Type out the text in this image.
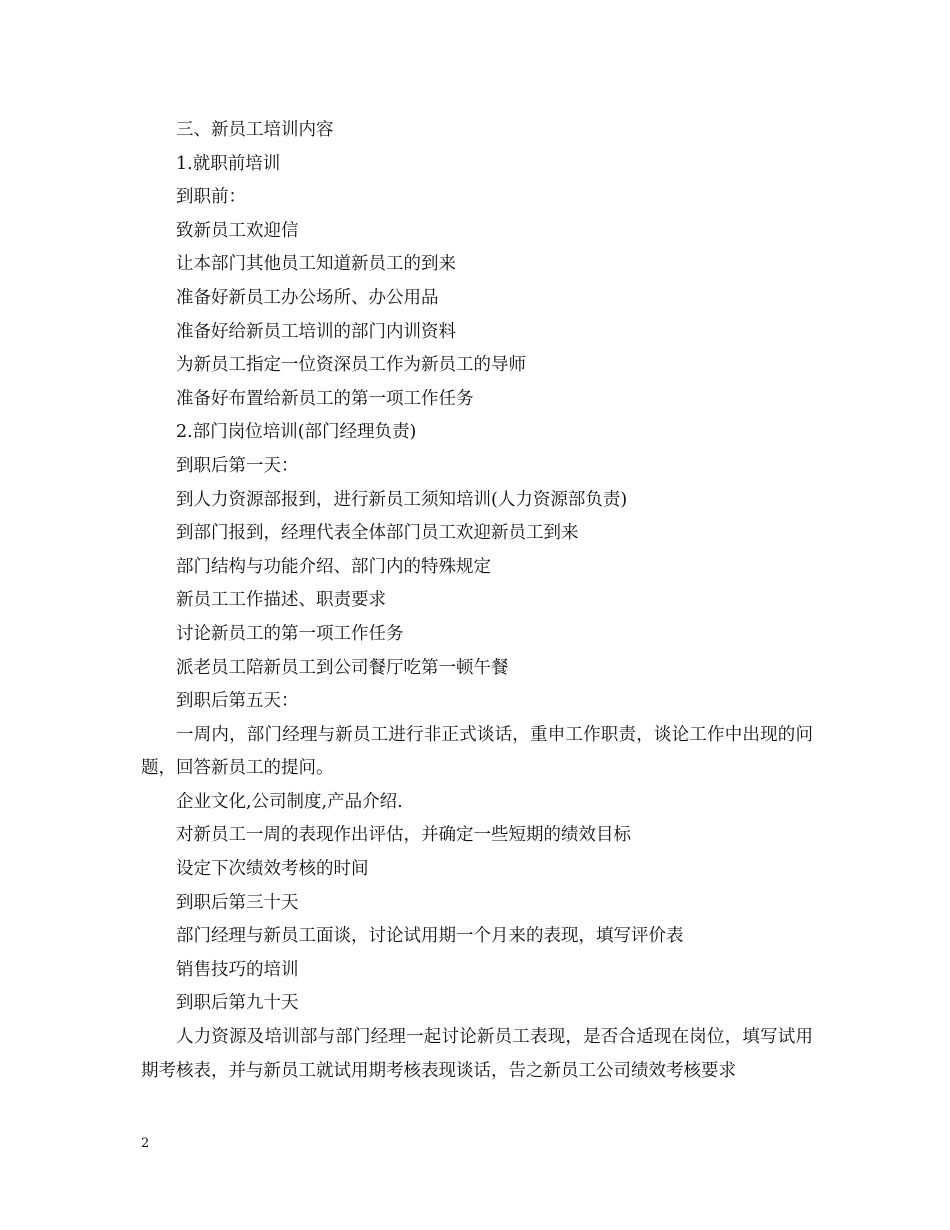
三、新员工培训内容

1.就职前培训

到职前：

致新员工欢迎信

让本部门其他员工知道新员工的到来

准备好新员工办公场所、办公用品

准备好给新员工培训的部门内训资料

为新员工指定一位资深员工作为新员工的导师

准备好布置给新员工的第一项工作任务

2.部门岗位培训(部门经理负责)

到职后第一天：

到人力资源部报到，进行新员工须知培训(人力资源部负责)

到部门报到，经理代表全体部门员工欢迎新员工到来

部门结构与功能介绍、部门内的特殊规定

新员工工作描述、职责要求

讨论新员工的第一项工作任务

派老员工陪新员工到公司餐厅吃第一顿午餐

到职后第五天：

一周内，部门经理与新员工进行非正式谈话，重申工作职责，谈论工作中出现的问题，回答新员工的提问。

企业文化,公司制度,产品介绍.

对新员工一周的表现作出评估，并确定一些短期的绩效目标

设定下次绩效考核的时间

到职后第三十天

部门经理与新员工面谈，讨论试用期一个月来的表现，填写评价表

销售技巧的培训

到职后第九十天

人力资源及培训部与部门经理一起讨论新员工表现，是否合适现在岗位，填写试用期考核表，并与新员工就试用期考核表现谈话，告之新员工公司绩效考核要求

2
